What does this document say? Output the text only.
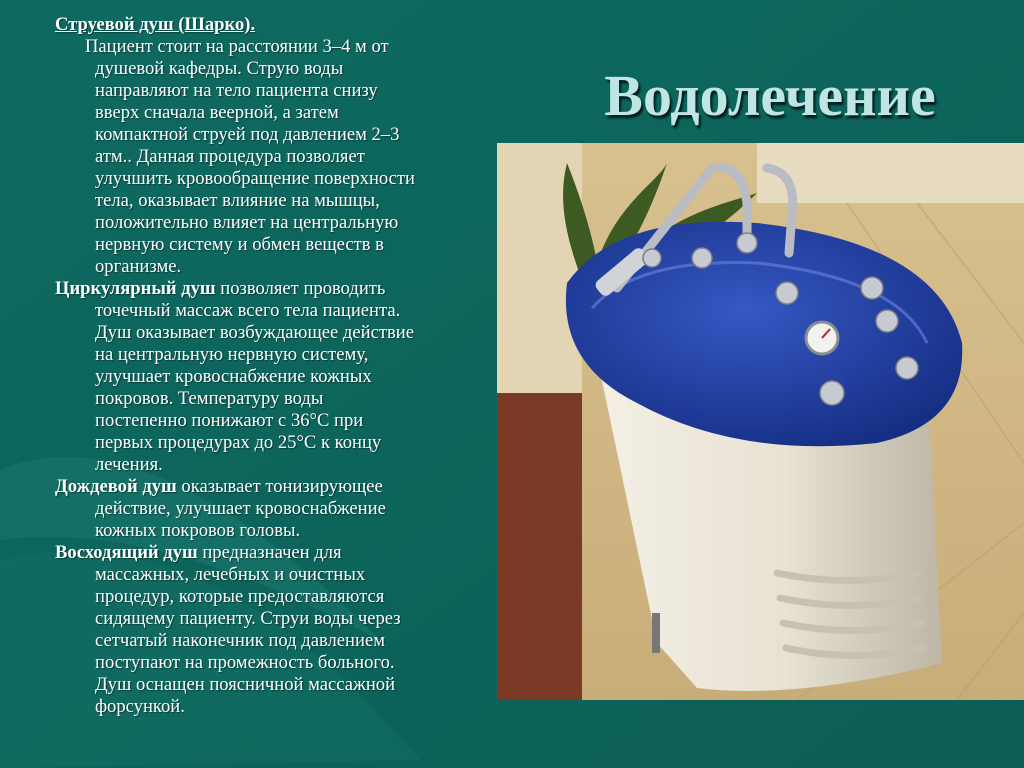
Струевой душ (Шарко).

Пациент стоит на расстоянии 3–4 м от
душевой кафедры. Струю воды
направляют на тело пациента снизу
вверх сначала веерной, а затем
компактной струей под давлением 2–3
атм.. Данная процедура позволяет
улучшить кровообращение поверхности
тела, оказывает влияние на мышцы,
положительно влияет на центральную
нервную систему и обмен веществ в
организме.

Циркулярный душ позволяет проводить
точечный массаж всего тела пациента.
Душ оказывает возбуждающее действие
на центральную нервную систему,
улучшает кровоснабжение кожных
покровов. Температуру воды
постепенно понижают с 36°С при
первых процедурах до 25°С к концу
лечения.

Дождевой душ оказывает тонизирующее
действие, улучшает кровоснабжение
кожных покровов головы.

Восходящий душ предназначен для
массажных, лечебных и очистных
процедур, которые предоставляются
сидящему пациенту. Струи воды через
сетчатый наконечник под давлением
поступают на промежность больного.
Душ оснащен поясничной массажной
форсункой.

Водолечение
